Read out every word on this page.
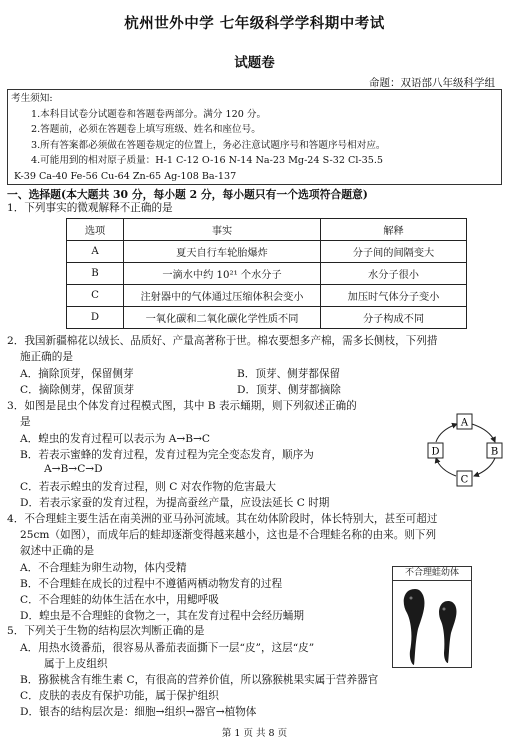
杭州世外中学 七年级科学学科期中考试
试题卷
命题：双语部八年级科学组
考生须知:
1.本科目试卷分试题卷和答题卷两部分。满分 120 分。
2.答题前，必须在答题卷上填写班级、姓名和座位号。
3.所有答案都必须做在答题卷规定的位置上，务必注意试题序号和答题序号相对应。
4.可能用到的相对原子质量：H-1 C-12 O-16 N-14 Na-23 Mg-24 S-32 Cl-35.5
K-39 Ca-40 Fe-56 Cu-64 Zn-65 Ag-108 Ba-137
一、选择题(本大题共 30 分，每小题 2 分，每小题只有一个选项符合题意)
1．下列事实的微观解释不正确的是
选项	事实	解释
A	夏天自行车轮胎爆炸	分子间的间隔变大
B	一滴水中约 10²¹ 个水分子	水分子很小
C	注射器中的气体通过压缩体积会变小	加压时气体分子变小
D	一氧化碳和二氧化碳化学性质不同	分子构成不同
2．我国新疆棉花以绒长、品质好、产量高著称于世。棉农要想多产棉，需多长侧枝，下列措
施正确的是
A．摘除顶芽，保留侧芽	B．顶芽、侧芽都保留
C．摘除侧芽，保留顶芽	D．顶芽、侧芽都摘除
3．如图是昆虫个体发育过程模式图，其中 B 表示蛹期，则下列叙述正确的
是
A．蝗虫的发育过程可以表示为 A→B→C
B．若表示蜜蜂的发育过程，发育过程为完全变态发育，顺序为
A→B→C→D
C．若表示蝗虫的发育过程，则 C 对农作物的危害最大
D．若表示家蚕的发育过程，为提高蚕丝产量，应设法延长 C 时期
A
B
C
D
4．不合理蛙主要生活在南美洲的亚马孙河流域。其在幼体阶段时，体长特别大，甚至可超过
25cm（如图），而成年后的蛙却逐渐变得越来越小，这也是不合理蛙名称的由来。则下列
叙述中正确的是
A．不合理蛙为卵生动物，体内受精
B．不合理蛙在成长的过程中不遵循两栖动物发育的过程
C．不合理蛙的幼体生活在水中，用鳃呼吸
D．蝗虫是不合理蛙的食物之一，其在发育过程中会经历蛹期
不合理蛙幼体
5．下列关于生物的结构层次判断正确的是
A．用热水烫番茄，很容易从番茄表面撕下一层“皮”，这层“皮”
属于上皮组织
B．猕猴桃含有维生素 C，有很高的营养价值，所以猕猴桃果实属于营养器官
C．皮肤的表皮有保护功能，属于保护组织
D．银杏的结构层次是：细胞→组织→器官→植物体
第 1 页 共 8 页
